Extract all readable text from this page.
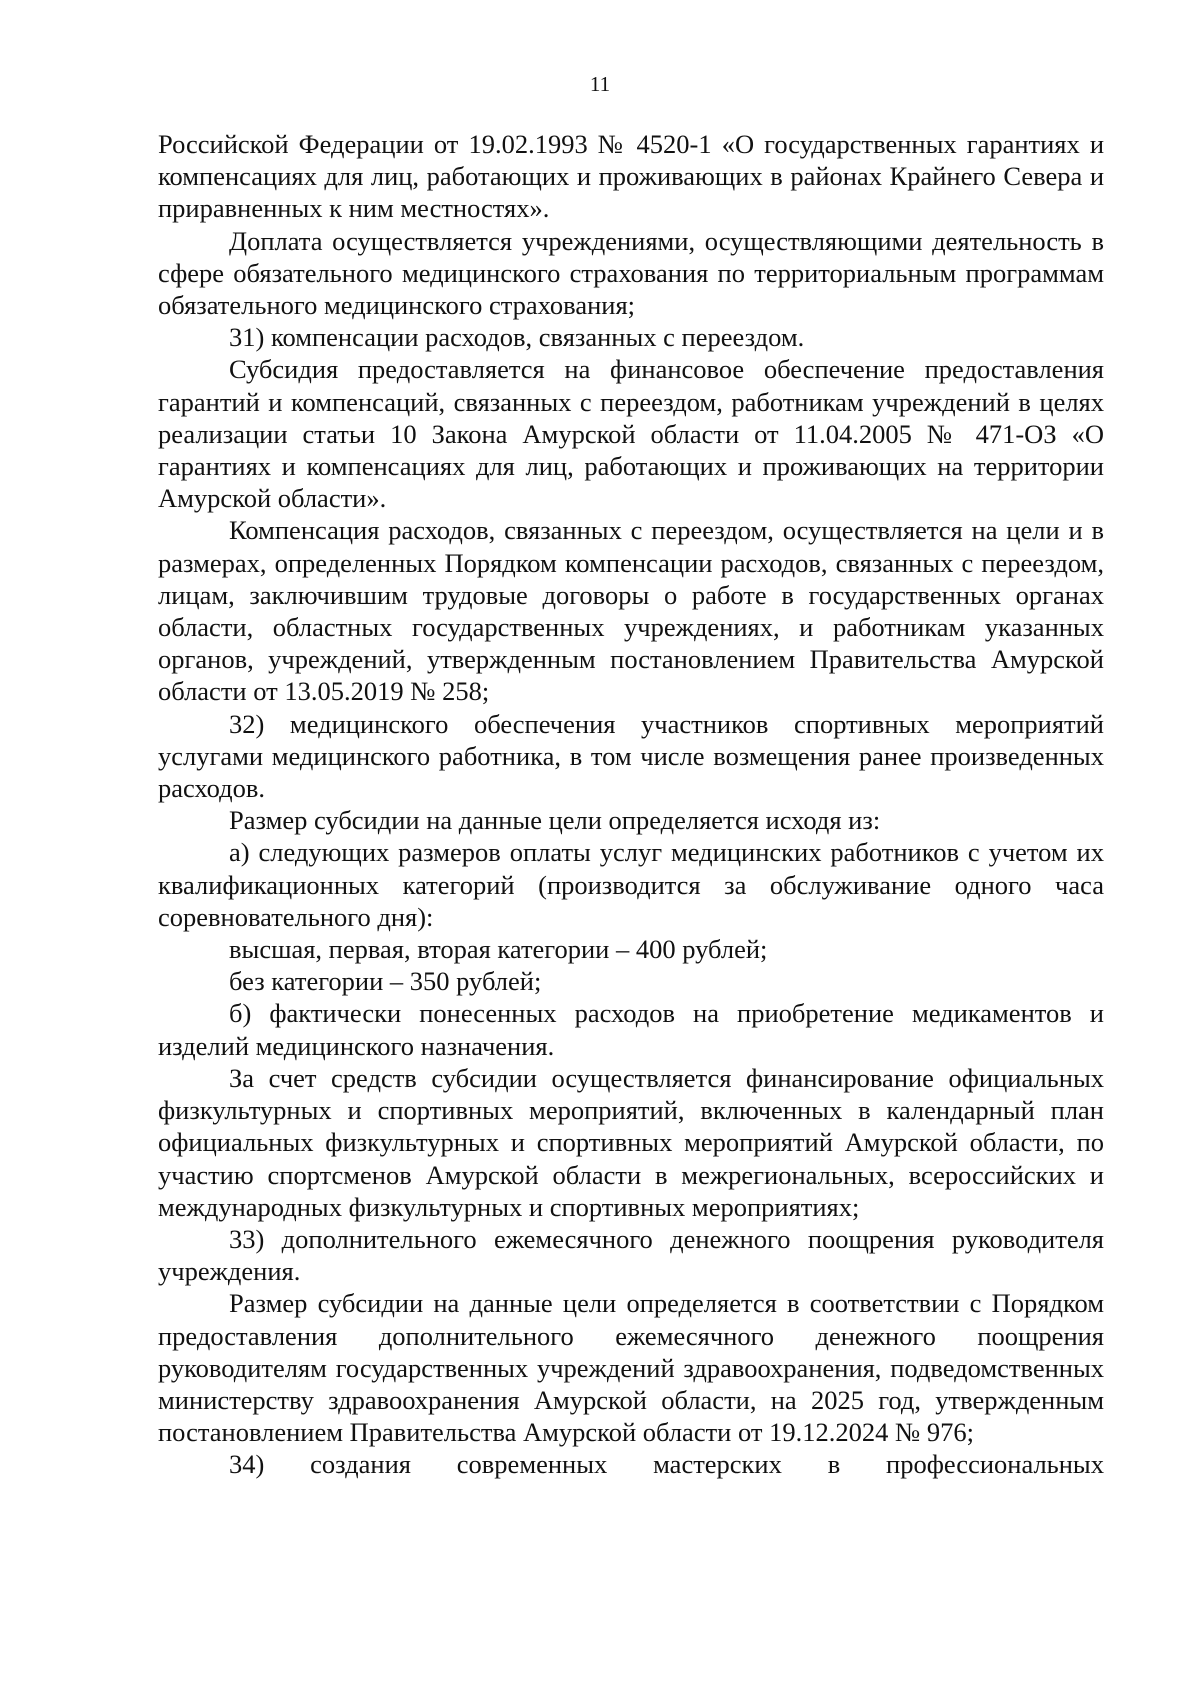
11

Российской Федерации от 19.02.1993 № 4520-1 «О государственных гарантиях и компенсациях для лиц, работающих и проживающих в районах Крайнего Севера и приравненных к ним местностях».

Доплата осуществляется учреждениями, осуществляющими деятельность в сфере обязательного медицинского страхования по территориальным программам обязательного медицинского страхования;

31) компенсации расходов, связанных с переездом.

Субсидия предоставляется на финансовое обеспечение предоставления гарантий и компенсаций, связанных с переездом, работникам учреждений в целях реализации статьи 10 Закона Амурской области от 11.04.2005 № 471-ОЗ «О гарантиях и компенсациях для лиц, работающих и проживающих на территории Амурской области».

Компенсация расходов, связанных с переездом, осуществляется на цели и в размерах, определенных Порядком компенсации расходов, связанных с переездом, лицам, заключившим трудовые договоры о работе в государственных органах области, областных государственных учреждениях, и работникам указанных органов, учреждений, утвержденным постановлением Правительства Амурской области от 13.05.2019 № 258;

32) медицинского обеспечения участников спортивных мероприятий услугами медицинского работника, в том числе возмещения ранее произведенных расходов.

Размер субсидии на данные цели определяется исходя из:

а) следующих размеров оплаты услуг медицинских работников с учетом их квалификационных категорий (производится за обслуживание одного часа соревновательного дня):

высшая, первая, вторая категории – 400 рублей;

без категории – 350 рублей;

б) фактически понесенных расходов на приобретение медикаментов и изделий медицинского назначения.

За счет средств субсидии осуществляется финансирование официальных физкультурных и спортивных мероприятий, включенных в календарный план официальных физкультурных и спортивных мероприятий Амурской области, по участию спортсменов Амурской области в межрегиональных, всероссийских и международных физкультурных и спортивных мероприятиях;

33) дополнительного ежемесячного денежного поощрения руководителя учреждения.

Размер субсидии на данные цели определяется в соответствии с Порядком предоставления дополнительного ежемесячного денежного поощрения руководителям государственных учреждений здравоохранения, подведомственных министерству здравоохранения Амурской области, на 2025 год, утвержденным постановлением Правительства Амурской области от 19.12.2024 № 976;

34) создания современных мастерских в профессиональных
